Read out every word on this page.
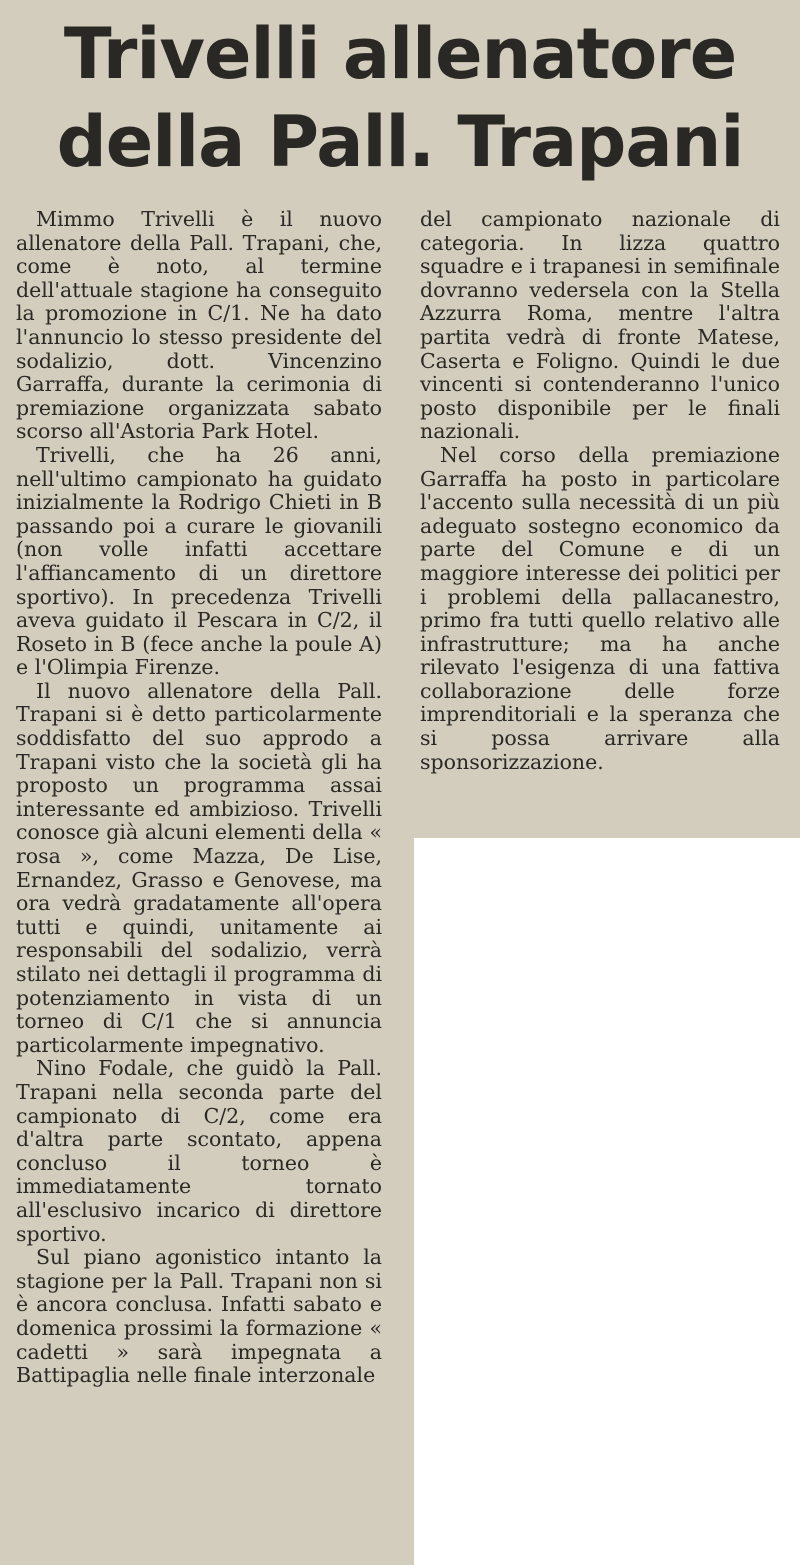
Trivelli allenatore
della Pall. Trapani

Mimmo Trivelli è il nuovo allenatore della Pall. Trapani, che, come è noto, al termine dell'attuale stagione ha conseguito la promozione in C/1. Ne ha dato l'annuncio lo stesso presidente del sodalizio, dott. Vincenzino Garraffa, durante la cerimonia di premiazione organizzata sabato scorso all'Astoria Park Hotel.

Trivelli, che ha 26 anni, nell'ultimo campionato ha guidato inizialmente la Rodrigo Chieti in B passando poi a curare le giovanili (non volle infatti accettare l'affiancamento di un direttore sportivo). In precedenza Trivelli aveva guidato il Pescara in C/2, il Roseto in B (fece anche la poule A) e l'Olimpia Firenze.

Il nuovo allenatore della Pall. Trapani si è detto particolarmente soddisfatto del suo approdo a Trapani visto che la società gli ha proposto un programma assai interessante ed ambizioso. Trivelli conosce già alcuni elementi della « rosa », come Mazza, De Lise, Ernandez, Grasso e Genovese, ma ora vedrà gradatamente all'opera tutti e quindi, unitamente ai responsabili del sodalizio, verrà stilato nei dettagli il programma di potenziamento in vista di un torneo di C/1 che si annuncia particolarmente impegnativo.

Nino Fodale, che guidò la Pall. Trapani nella seconda parte del campionato di C/2, come era d'altra parte scontato, appena concluso il torneo è immediatamente tornato all'esclusivo incarico di direttore sportivo.

Sul piano agonistico intanto la stagione per la Pall. Trapani non si è ancora conclusa. Infatti sabato e domenica prossimi la formazione « cadetti » sarà impegnata a Battipaglia nelle finale interzonale

del campionato nazionale di categoria. In lizza quattro squadre e i trapanesi in semifinale dovranno vedersela con la Stella Azzurra Roma, mentre l'altra partita vedrà di fronte Matese, Caserta e Foligno. Quindi le due vincenti si contenderanno l'unico posto disponibile per le finali nazionali.

Nel corso della premiazione Garraffa ha posto in particolare l'accento sulla necessità di un più adeguato sostegno economico da parte del Comune e di un maggiore interesse dei politici per i problemi della pallacanestro, primo fra tutti quello relativo alle infrastrutture; ma ha anche rilevato l'esigenza di una fattiva collaborazione delle forze imprenditoriali e la speranza che si possa arrivare alla sponsorizzazione.
